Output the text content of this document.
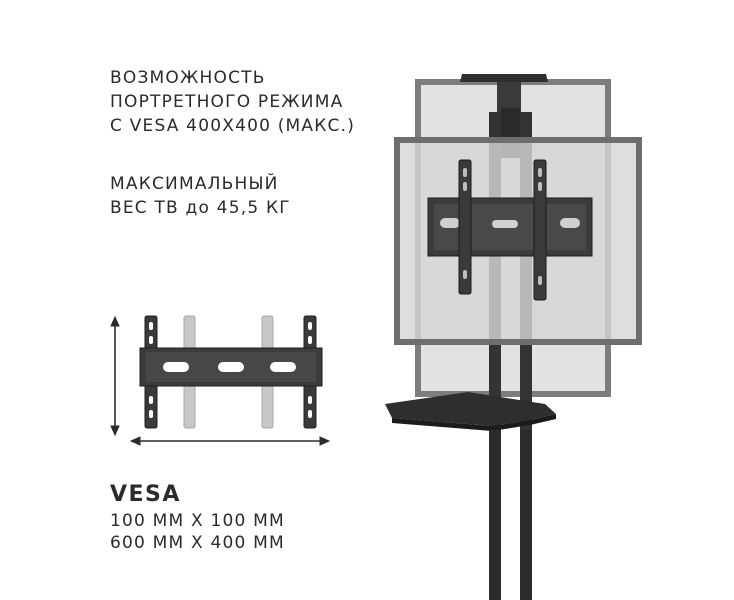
ВОЗМОЖНОСТЬ
ПОРТРЕТНОГО РЕЖИМА
С VESA 400X400 (МАКС.)
МАКСИМАЛЬНЫЙ
ВЕС ТВ до 45,5 КГ
VESA
100 ММ Х 100 ММ
600 ММ Х 400 ММ
